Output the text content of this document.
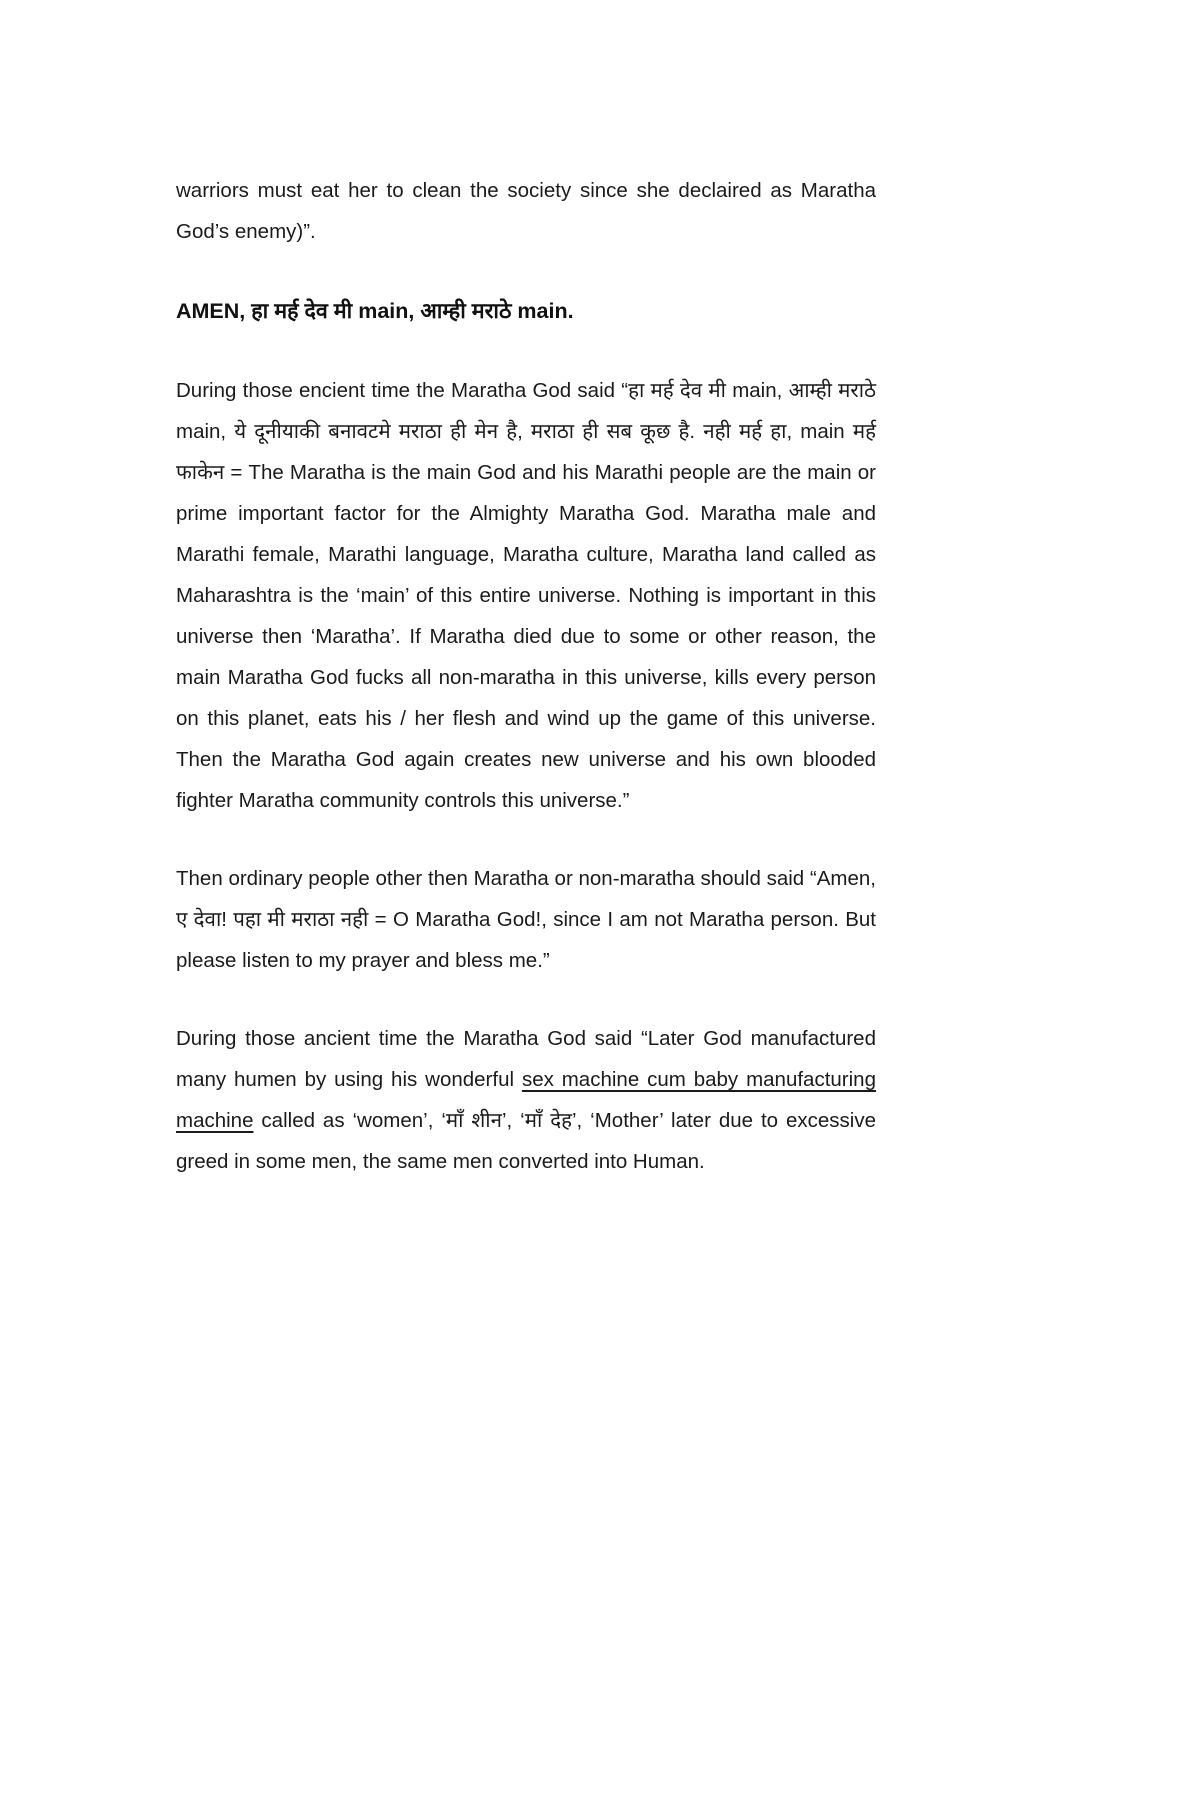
warriors must eat her to clean the society since she declaired as Maratha God’s enemy)”.

AMEN, हा मर्ह देव मी main, आम्ही मराठे main.

During those encient time the Maratha God said “हा मर्ह देव मी main, आम्ही मराठे main, ये दूनीयाकी बनावटमे मराठा ही मेन है, मराठा ही सब कूछ है. नही मर्ह हा, main मर्ह फाकेन = The Maratha is the main God and his Marathi people are the main or prime important factor for the Almighty Maratha God. Maratha male and Marathi female, Marathi language, Maratha culture, Maratha land called as Maharashtra is the ‘main’ of this entire universe. Nothing is important in this universe then ‘Maratha’. If Maratha died due to some or other reason, the main Maratha God fucks all non-maratha in this universe, kills every person on this planet, eats his / her flesh and wind up the game of this universe. Then the Maratha God again creates new universe and his own blooded fighter Maratha community controls this universe.”

Then ordinary people other then Maratha or non-maratha should said “Amen, ए देवा! पहा मी मराठा नही = O Maratha God!, since I am not Maratha person. But please listen to my prayer and bless me.”

During those ancient time the Maratha God said “Later God manufactured many humen by using his wonderful sex machine cum baby manufacturing machine called as ‘women’, ‘माँ शीन’, ‘माँ देह’, ‘Mother’ later due to excessive greed in some men, the same men converted into Human.
